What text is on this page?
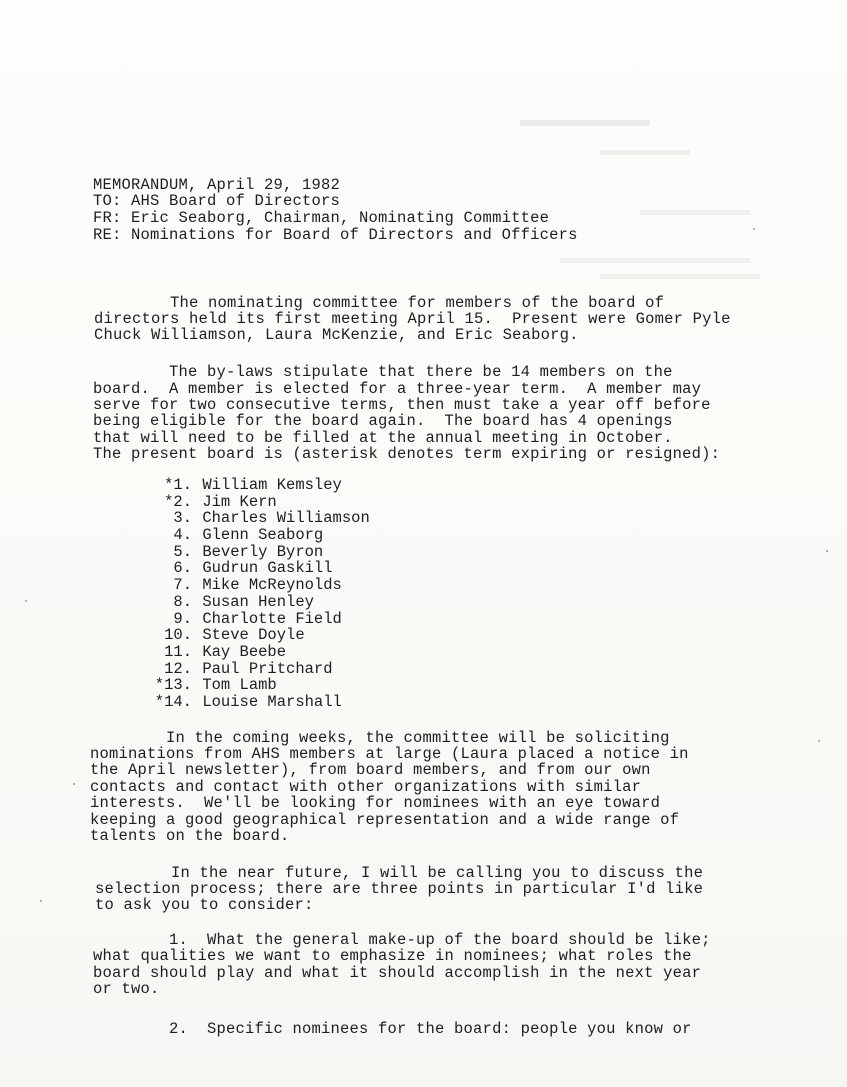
MEMORANDUM, April 29, 1982
TO: AHS Board of Directors
FR: Eric Seaborg, Chairman, Nominating Committee
RE: Nominations for Board of Directors and Officers
The nominating committee for members of the board of
directors held its first meeting April 15.  Present were Gomer Pyle
Chuck Williamson, Laura McKenzie, and Eric Seaborg.
The by-laws stipulate that there be 14 members on the
board.  A member is elected for a three-year term.  A member may
serve for two consecutive terms, then must take a year off before
being eligible for the board again.  The board has 4 openings
that will need to be filled at the annual meeting in October.
The present board is (asterisk denotes term expiring or resigned):
*1. William Kemsley
*2. Jim Kern
3. Charles Williamson
4. Glenn Seaborg
5. Beverly Byron
6. Gudrun Gaskill
7. Mike McReynolds
8. Susan Henley
9. Charlotte Field
10. Steve Doyle
11. Kay Beebe
12. Paul Pritchard
*13. Tom Lamb
*14. Louise Marshall
In the coming weeks, the committee will be soliciting
nominations from AHS members at large (Laura placed a notice in
the April newsletter), from board members, and from our own
contacts and contact with other organizations with similar
interests.  We'll be looking for nominees with an eye toward
keeping a good geographical representation and a wide range of
talents on the board.
In the near future, I will be calling you to discuss the
selection process; there are three points in particular I'd like
to ask you to consider:
1.  What the general make-up of the board should be like;
what qualities we want to emphasize in nominees; what roles the
board should play and what it should accomplish in the next year
or two.
2.  Specific nominees for the board: people you know or
